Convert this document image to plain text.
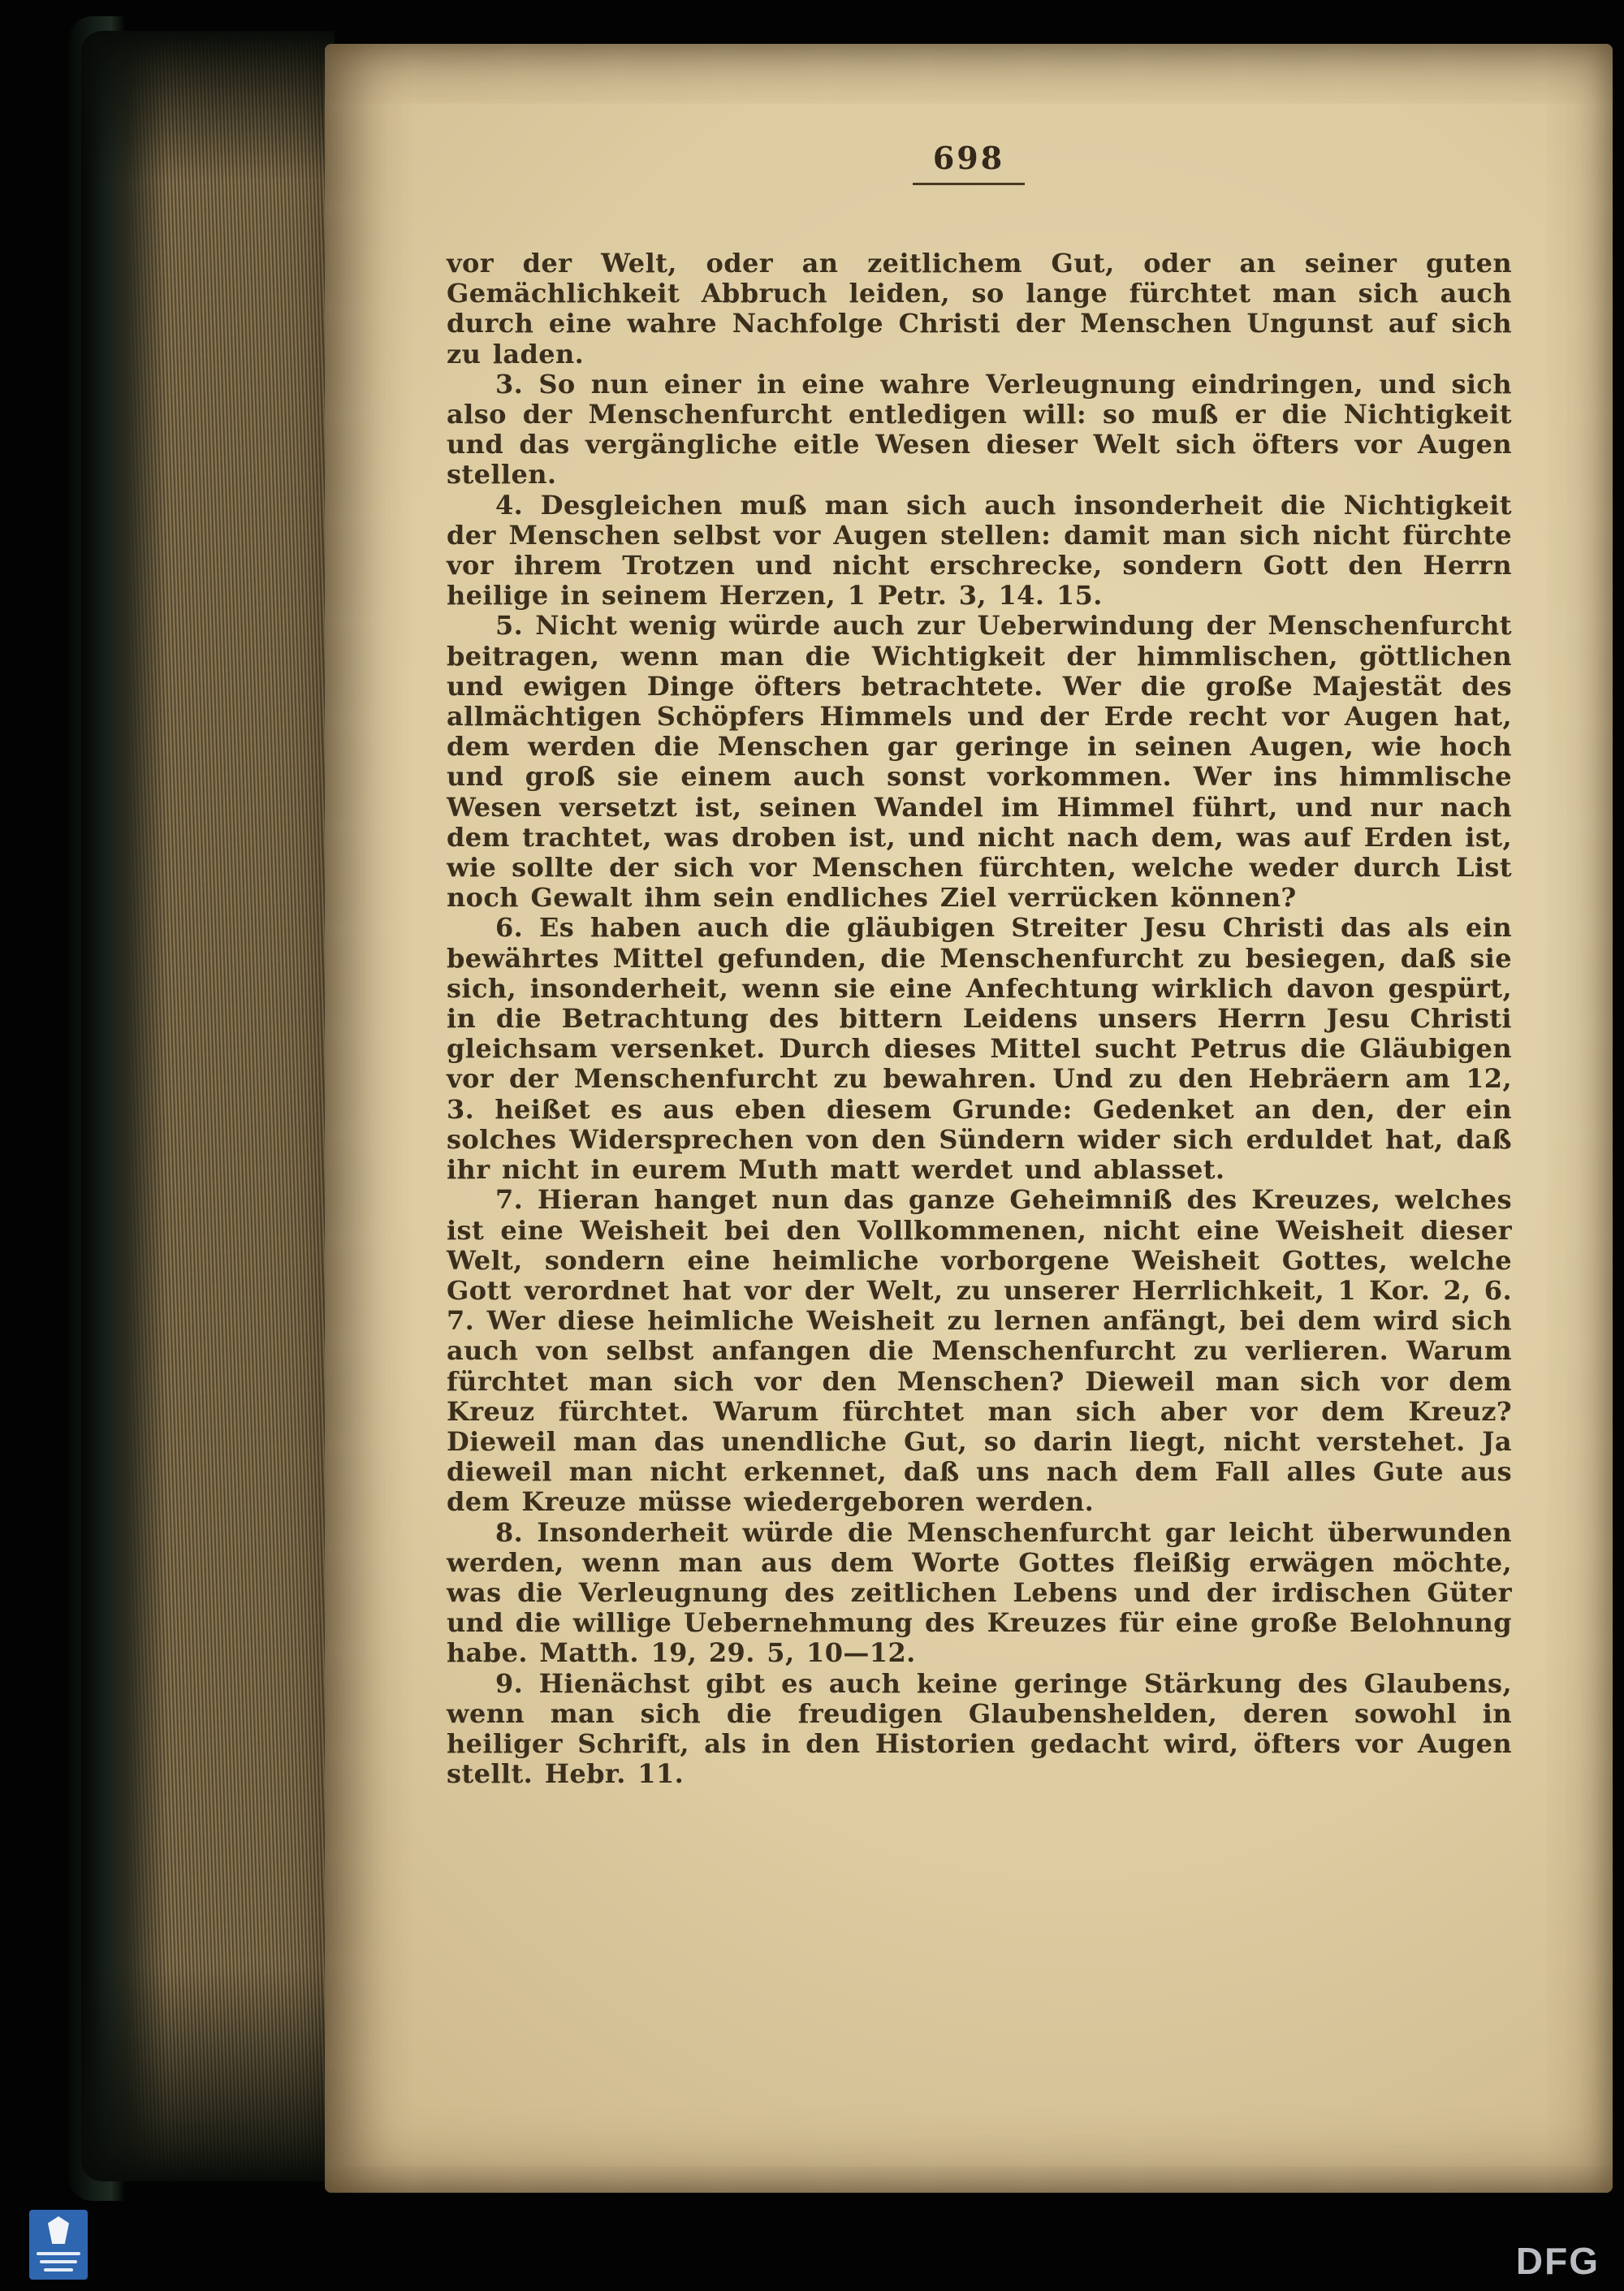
698

vor der Welt, oder an zeitlichem Gut, oder an seiner guten Gemächlichkeit Abbruch leiden, so lange fürchtet man sich auch durch eine wahre Nachfolge Christi der Menschen Ungunst auf sich zu laden.

3. So nun einer in eine wahre Verleugnung eindringen, und sich also der Menschenfurcht entledigen will: so muß er die Nichtigkeit und das vergängliche eitle Wesen dieser Welt sich öfters vor Augen stellen.

4. Desgleichen muß man sich auch insonderheit die Nichtigkeit der Menschen selbst vor Augen stellen: damit man sich nicht fürchte vor ihrem Trotzen und nicht erschrecke, sondern Gott den Herrn heilige in seinem Herzen, 1 Petr. 3, 14. 15.

5. Nicht wenig würde auch zur Ueberwindung der Menschenfurcht beitragen, wenn man die Wichtigkeit der himmlischen, göttlichen und ewigen Dinge öfters betrachtete. Wer die große Majestät des allmächtigen Schöpfers Himmels und der Erde recht vor Augen hat, dem werden die Menschen gar geringe in seinen Augen, wie hoch und groß sie einem auch sonst vorkommen. Wer ins himmlische Wesen versetzt ist, seinen Wandel im Himmel führt, und nur nach dem trachtet, was droben ist, und nicht nach dem, was auf Erden ist, wie sollte der sich vor Menschen fürchten, welche weder durch List noch Gewalt ihm sein endliches Ziel verrücken können?

6. Es haben auch die gläubigen Streiter Jesu Christi das als ein bewährtes Mittel gefunden, die Menschenfurcht zu besiegen, daß sie sich, insonderheit, wenn sie eine Anfechtung wirklich davon gespürt, in die Betrachtung des bittern Leidens unsers Herrn Jesu Christi gleichsam versenket. Durch dieses Mittel sucht Petrus die Gläubigen vor der Menschenfurcht zu bewahren. Und zu den Hebräern am 12, 3. heißet es aus eben diesem Grunde: Gedenket an den, der ein solches Widersprechen von den Sündern wider sich erduldet hat, daß ihr nicht in eurem Muth matt werdet und ablasset.

7. Hieran hanget nun das ganze Geheimniß des Kreuzes, welches ist eine Weisheit bei den Vollkommenen, nicht eine Weisheit dieser Welt, sondern eine heimliche vorborgene Weisheit Gottes, welche Gott verordnet hat vor der Welt, zu unserer Herrlichkeit, 1 Kor. 2, 6. 7. Wer diese heimliche Weisheit zu lernen anfängt, bei dem wird sich auch von selbst anfangen die Menschenfurcht zu verlieren. Warum fürchtet man sich vor den Menschen? Dieweil man sich vor dem Kreuz fürchtet. Warum fürchtet man sich aber vor dem Kreuz? Dieweil man das unendliche Gut, so darin liegt, nicht verstehet. Ja dieweil man nicht erkennet, daß uns nach dem Fall alles Gute aus dem Kreuze müsse wiedergeboren werden.

8. Insonderheit würde die Menschenfurcht gar leicht überwunden werden, wenn man aus dem Worte Gottes fleißig erwägen möchte, was die Verleugnung des zeitlichen Lebens und der irdischen Güter und die willige Uebernehmung des Kreuzes für eine große Belohnung habe. Matth. 19, 29. 5, 10—12.

9. Hienächst gibt es auch keine geringe Stärkung des Glaubens, wenn man sich die freudigen Glaubenshelden, deren sowohl in heiliger Schrift, als in den Historien gedacht wird, öfters vor Augen stellt. Hebr. 11.

DFG
